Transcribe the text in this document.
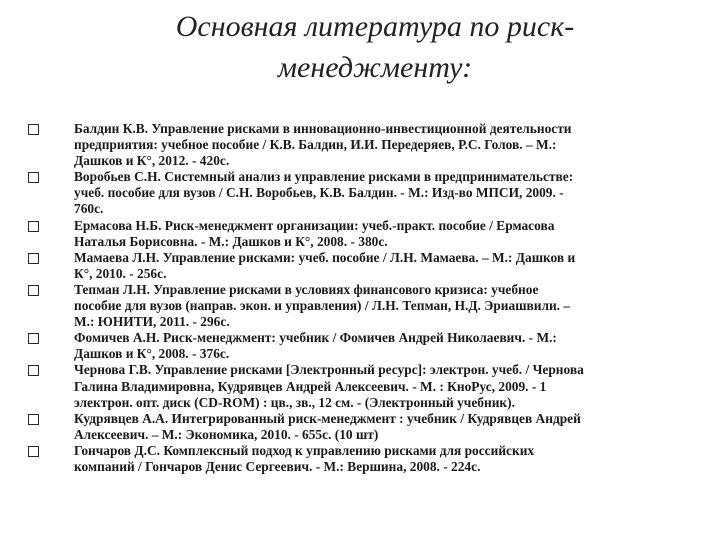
Основная литература по риск-
менеджменту:
Балдин К.В. Управление рисками в инновационно-инвестиционной деятельности
предприятия: учебное пособие / К.В. Балдин, И.И. Передеряев, Р.С. Голов. – М.:
Дашков и К°, 2012. - 420с.
Воробьев С.Н. Системный анализ и управление рисками в предпринимательстве:
учеб. пособие для вузов / С.Н. Воробьев, К.В. Балдин. - М.: Изд-во МПСИ, 2009. -
760с.
Ермасова Н.Б. Риск-менеджмент организации: учеб.-практ. пособие / Ермасова
Наталья Борисовна. - М.: Дашков и К°, 2008. - 380с.
Мамаева Л.Н. Управление рисками: учеб. пособие / Л.Н. Мамаева. – М.: Дашков и
К°, 2010. - 256с.
Тепман Л.Н. Управление рисками в условиях финансового кризиса: учебное
пособие для вузов (направ. экон. и управления) / Л.Н. Тепман, Н.Д. Эриашвили. –
М.: ЮНИТИ, 2011. - 296с.
Фомичев А.Н. Риск-менеджмент: учебник / Фомичев Андрей Николаевич. - М.:
Дашков и К°, 2008. - 376с.
Чернова Г.В. Управление рисками [Электронный ресурс]: электрон. учеб. / Чернова
Галина Владимировна, Кудрявцев Андрей Алексеевич. - М. : КноРус, 2009. - 1
электрон. опт. диск (CD-ROM) : цв., зв., 12 см. - (Электронный учебник).
Кудрявцев А.А. Интегрированный риск-менеджмент : учебник / Кудрявцев Андрей
Алексеевич. – М.: Экономика, 2010. - 655с. (10 шт)
Гончаров Д.С. Комплексный подход к управлению рисками для российских
компаний / Гончаров Денис Сергеевич. - М.: Вершина, 2008. - 224с.
